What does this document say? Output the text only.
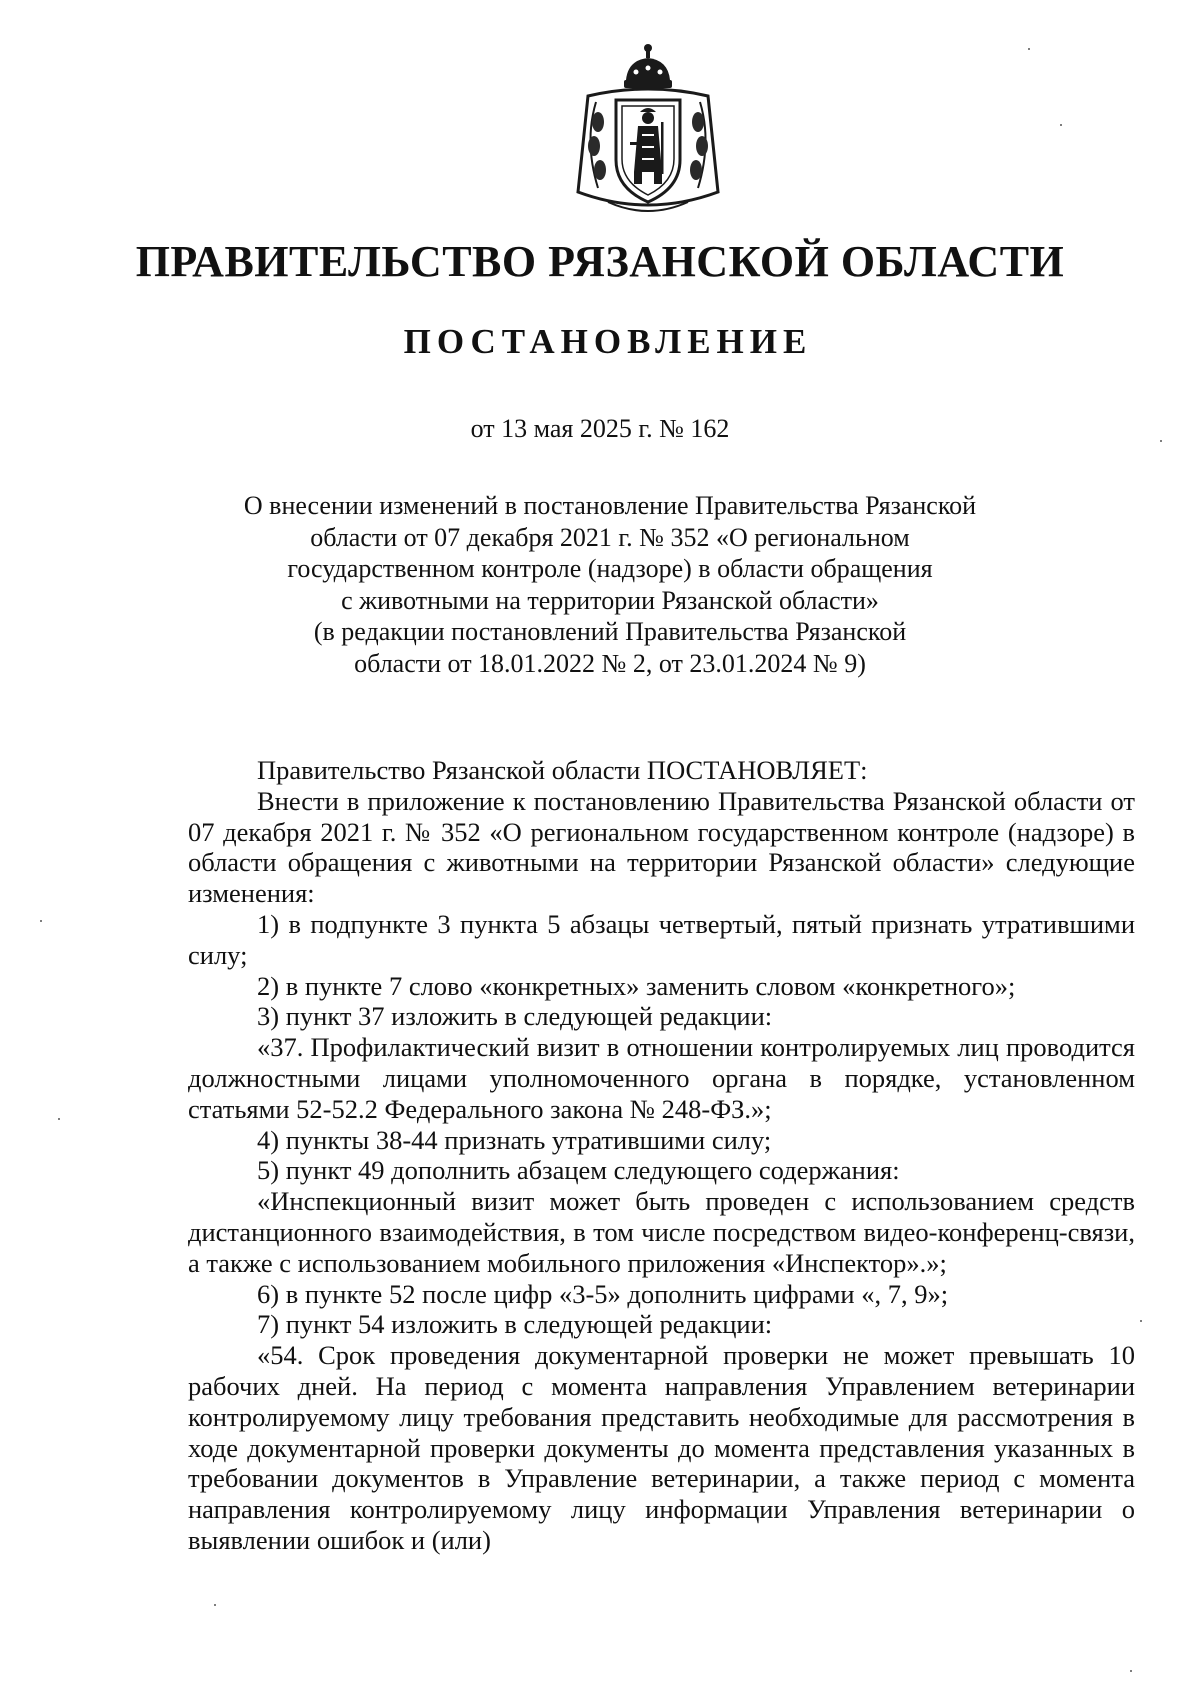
ПРАВИТЕЛЬСТВО РЯЗАНСКОЙ ОБЛАСТИ
ПОСТАНОВЛЕНИЕ

от 13 мая 2025 г. № 162

О внесении изменений в постановление Правительства Рязанской
области от 07 декабря 2021 г. № 352 «О региональном
государственном контроле (надзоре) в области обращения
с животными на территории Рязанской области»
(в редакции постановлений Правительства Рязанской
области от 18.01.2022 № 2, от 23.01.2024 № 9)

Правительство Рязанской области ПОСТАНОВЛЯЕТ:

Внести в приложение к постановлению Правительства Рязанской области от 07 декабря 2021 г. № 352 «О региональном государственном контроле (надзоре) в области обращения с животными на территории Рязанской области» следующие изменения:

1) в подпункте 3 пункта 5 абзацы четвертый, пятый признать утратившими силу;

2) в пункте 7 слово «конкретных» заменить словом «конкретного»;

3) пункт 37 изложить в следующей редакции:

«37. Профилактический визит в отношении контролируемых лиц проводится должностными лицами уполномоченного органа в порядке, установленном статьями 52-52.2 Федерального закона № 248-ФЗ.»;

4) пункты 38-44 признать утратившими силу;

5) пункт 49 дополнить абзацем следующего содержания:

«Инспекционный визит может быть проведен с использованием средств дистанционного взаимодействия, в том числе посредством видео-конференц-связи, а также с использованием мобильного приложения «Инспектор».»;

6) в пункте 52 после цифр «3-5» дополнить цифрами «, 7, 9»;

7) пункт 54 изложить в следующей редакции:

«54. Срок проведения документарной проверки не может превышать 10 рабочих дней. На период с момента направления Управлением ветеринарии контролируемому лицу требования представить необходимые для рассмотрения в ходе документарной проверки документы до момента представления указанных в требовании документов в Управление ветеринарии, а также период с момента направления контролируемому лицу информации Управления ветеринарии о выявлении ошибок и (или)
